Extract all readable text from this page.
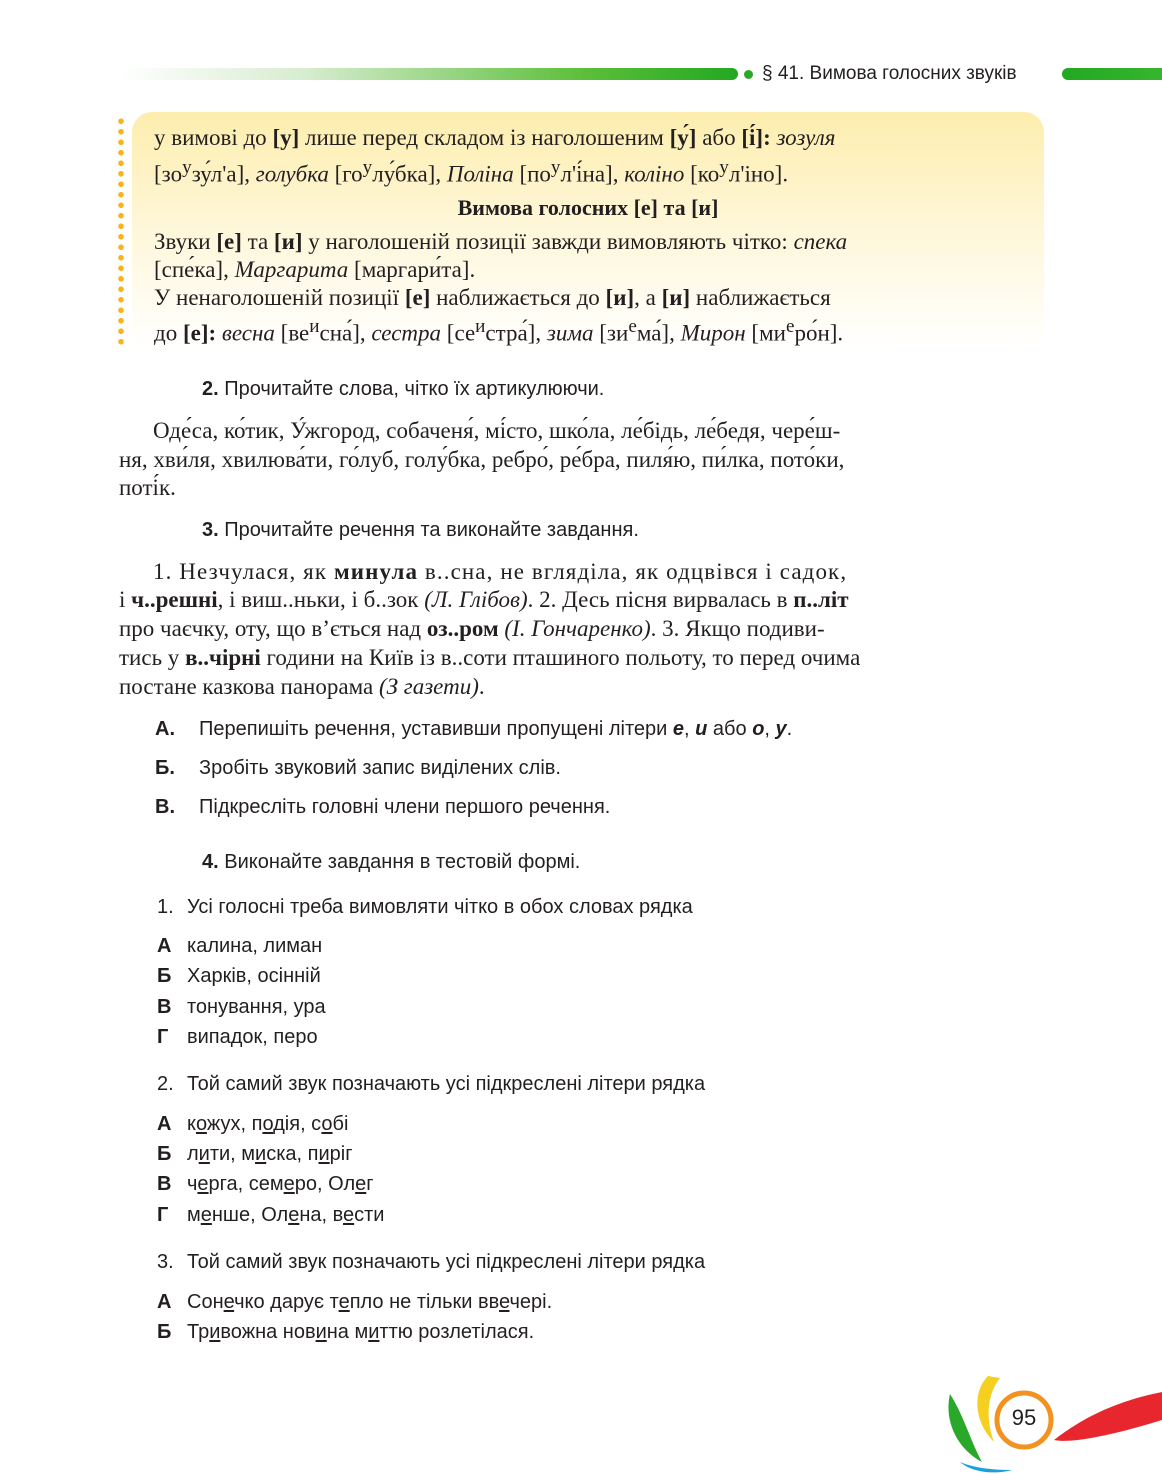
§ 41. Вимова голосних звуків
у вимові до [у] лише перед складом із наголошеним [у́] або [і́]: зозуля
$[зо^узу́л'а]$, голубка $[го^улу́бка]$, Поліна $[по^ул'і́на]$, коліно $[ко^ул'іно]$.
Вимова голосних [е] та [и]
Звуки [е] та [и] у наголошеній позиції завжди вимовляють чітко: спека
[спе́ка], Маргарита [маргари́та].
У ненаголошеній позиції [е] наближається до [и], а [и] наближається
до [е]: весна $[ве^исна́]$, сестра $[се^истра́]$, зима $[зи^ема́]$, Мирон $[ми^еро́н]$.
2. Прочитайте слова, чітко їх артикулюючи.
Оде́са, ко́тик, У́жгород, собаченя́, мі́сто, шко́ла, ле́бідь, ле́бедя, чере́ш-
ня, хви́ля, хвилюва́ти, го́луб, голу́бка, ребро́, ре́бра, пиля́ю, пи́лка, пото́ки,
поті́к.
3. Прочитайте речення та виконайте завдання.
1. Незчулася, як минула в..сна, не вгляділа, як одцвівся і садок,
і ч..решні, і виш..ньки, і б..зок (Л. Глібов). 2. Десь пісня вирвалась в п..літ
про чаєчку, оту, що в’ється над оз..ром (І. Гончаренко). 3. Якщо подиви-
тись у в..чірні години на Київ із в..соти пташиного польоту, то перед очима
постане казкова панорама (З газети).
А. Перепишіть речення, уставивши пропущені літери е, и або о, у.
Б. Зробіть звуковий запис виділених слів.
В. Підкресліть головні члени першого речення.
4. Виконайте завдання в тестовій формі.
1. Усі голосні треба вимовляти чітко в обох словах рядка
А калина, лиман
Б Харків, осінній
В тонування, ура
Г випадок, перо
2. Той самий звук позначають усі підкреслені літери рядка
А кожух, подія, собі
Б лити, миска, пиріг
В черга, семеро, Олег
Г менше, Олена, вести
3. Той самий звук позначають усі підкреслені літери рядка
А Сонечко дарує тепло не тільки ввечері.
Б Тривожна новина миттю розлетілася.
95
